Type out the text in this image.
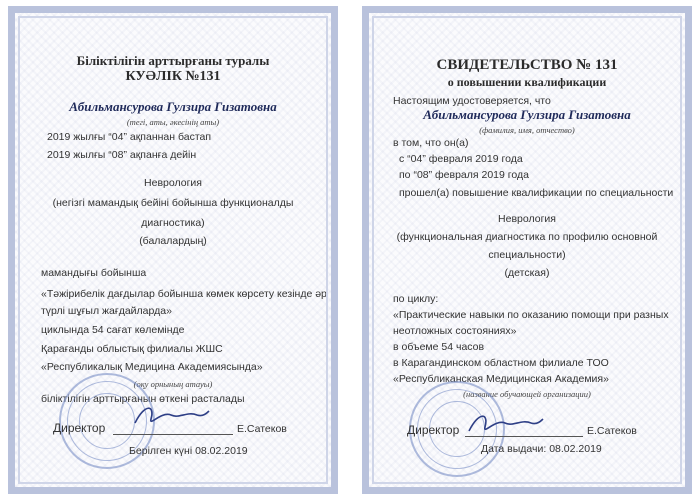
Біліктілігін арттырғаны туралы
КУӘЛІК №131
Абильмансурова Гулзира Гизатовна
(тегі, аты, әкесінің аты)
2019 жылғы “04” ақпаннан бастап
2019 жылғы “08” ақпанға дейін
Неврология
(негізгі мамандық бейіні бойынша функционалды
диагностика)
(балалардың)
мамандығы бойынша
«Тәжірибелік дағдылар бойынша көмек көрсету кезінде әр
түрлі шұғыл жағдайларда»
циклында 54 сағат көлемінде
Қарағанды облыстық филиалы ЖШС
«Республикалық Медицина Академиясында»
(оқу орнының атауы)
біліктілігін арттырғанын өткені расталады
Директор	Е.Сатеков
Берілген күні 08.02.2019
СВИДЕТЕЛЬСТВО № 131
о повышении квалификации
Настоящим удостоверяется, что
Абильмансурова Гулзира Гизатовна
(фамилия, имя, отчество)
в том, что он(а)
с “04” февраля 2019 года
по “08” февраля 2019 года
прошел(а) повышение квалификации по специальности
Неврология
(функциональная диагностика по профилю основной
специальности)
(детская)
по циклу:
«Практические навыки по оказанию помощи при разных
неотложных состояниях»
в объеме 54 часов
в Карагандинском областном филиале ТОО
«Республиканская Медицинская Академия»
(название обучающей организации)
Директор	Е.Сатеков
Дата выдачи: 08.02.2019
